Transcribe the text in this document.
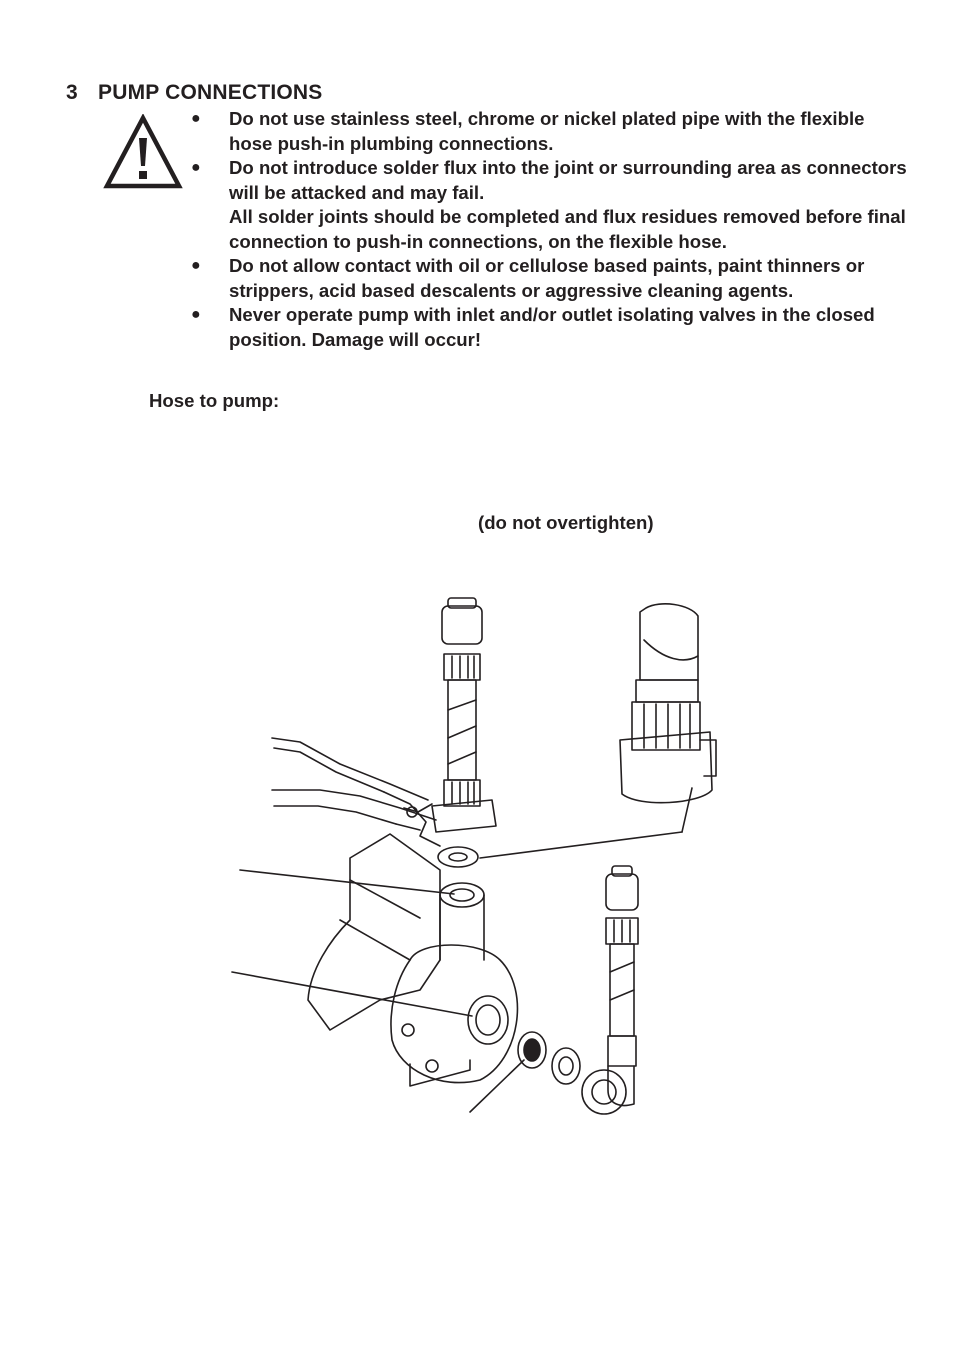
3 PUMP CONNECTIONS
● Do not use stainless steel, chrome or nickel plated pipe with the flexible hose push-in plumbing connections.
● Do not introduce solder flux into the joint or surrounding area as connectors will be attacked and may fail.
All solder joints should be completed and flux residues removed before final connection to push-in connections, on the flexible hose.
● Do not allow contact with oil or cellulose based paints, paint thinners or strippers, acid based descalents or aggressive cleaning agents.
● Never operate pump with inlet and/or outlet isolating valves in the closed position. Damage will occur!
Hose to pump:
(do not overtighten)
